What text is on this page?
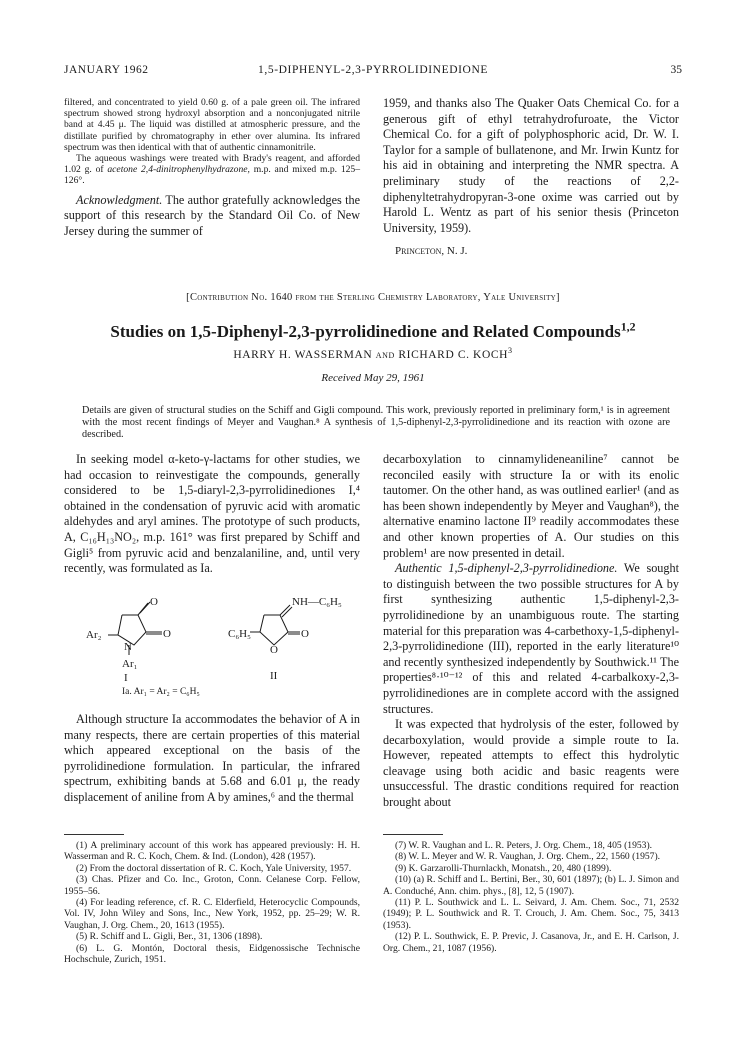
JANUARY 1962	1,5-DIPHENYL-2,3-PYRROLIDINEDIONE	35

filtered, and concentrated to yield 0.60 g. of a pale green oil. The infrared spectrum showed strong hydroxyl absorption and a nonconjugated nitrile band at 4.45 μ. The liquid was distilled at atmospheric pressure, and the distillate purified by chromatography in ether over alumina. Its infrared spectrum was then identical with that of authentic cinnamonitrile.

The aqueous washings were treated with Brady's reagent, and afforded 1.02 g. of acetone 2,4-dinitrophenylhydrazone, m.p. and mixed m.p. 125–126°.

Acknowledgment. The author gratefully acknowledges the support of this research by the Standard Oil Co. of New Jersey during the summer of

1959, and thanks also The Quaker Oats Chemical Co. for a generous gift of ethyl tetrahydrofuroate, the Victor Chemical Co. for a gift of polyphosphoric acid, Dr. W. I. Taylor for a sample of bullatenone, and Mr. Irwin Kuntz for his aid in obtaining and interpreting the NMR spectra. A preliminary study of the reactions of 2,2-diphenyltetrahydropyran-3-one oxime was carried out by Harold L. Wentz as part of his senior thesis (Princeton University, 1959).

Princeton, N. J.

[Contribution No. 1640 from the Sterling Chemistry Laboratory, Yale University]
Studies on 1,5-Diphenyl-2,3-pyrrolidinedione and Related Compounds$^{1,2}$
HARRY H. WASSERMAN and RICHARD C. KOCH$^3$
Received May 29, 1961
Details are given of structural studies on the Schiff and Gigli compound. This work, previously reported in preliminary form,¹ is in agreement with the most recent findings of Meyer and Vaughan.⁸ A synthesis of 1,5-diphenyl-2,3-pyrrolidinedione and its reaction with ozone are described.

In seeking model α-keto-γ-lactams for other studies, we had occasion to reinvestigate the compounds, generally considered to be 1,5-diaryl-2,3-pyrrolidinediones I,⁴ obtained in the condensation of pyruvic acid with aromatic aldehydes and aryl amines. The prototype of such products, A, C₁₆H₁₃NO₂, m.p. 161° was first prepared by Schiff and Gigli⁵ from pyruvic acid and benzalaniline, and, until very recently, was formulated as Ia.

O
O
Ar₂
N
Ar₁
I
Ia. Ar₁ = Ar₂ = C₆H₅
NH—C₆H₅
C₆H₅
O
O
II

Although structure Ia accommodates the behavior of A in many respects, there are certain properties of this material which appeared exceptional on the basis of the pyrrolidinedione formulation. In particular, the infrared spectrum, exhibiting bands at 5.68 and 6.01 μ, the ready displacement of aniline from A by amines,⁶ and the thermal

(1) A preliminary account of this work has appeared previously: H. H. Wasserman and R. C. Koch, Chem. & Ind. (London), 428 (1957).

(2) From the doctoral dissertation of R. C. Koch, Yale University, 1957.

(3) Chas. Pfizer and Co. Inc., Groton, Conn. Celanese Corp. Fellow, 1955–56.

(4) For leading reference, cf. R. C. Elderfield, Heterocyclic Compounds, Vol. IV, John Wiley and Sons, Inc., New York, 1952, pp. 25–29; W. R. Vaughan, J. Org. Chem., 20, 1613 (1955).

(5) R. Schiff and L. Gigli, Ber., 31, 1306 (1898).

(6) L. G. Montón, Doctoral thesis, Eidgenossische Technische Hochschule, Zurich, 1951.

decarboxylation to cinnamylideneaniline⁷ cannot be reconciled easily with structure Ia or with its enolic tautomer. On the other hand, as was outlined earlier¹ (and as has been shown independently by Meyer and Vaughan⁸), the alternative enamino lactone II⁹ readily accommodates these and other known properties of A. Our studies on this problem¹ are now presented in detail.

Authentic 1,5-diphenyl-2,3-pyrrolidinedione. We sought to distinguish between the two possible structures for A by first synthesizing authentic 1,5-diphenyl-2,3-pyrrolidinedione by an unambiguous route. The starting material for this preparation was 4-carbethoxy-1,5-diphenyl-2,3-pyrrolidinedione (III), reported in the early literature¹⁰ and recently synthesized independently by Southwick.¹¹ The properties⁸·¹⁰⁻¹² of this and related 4-carbalkoxy-2,3-pyrrolidinediones are in complete accord with the assigned structures.

It was expected that hydrolysis of the ester, followed by decarboxylation, would provide a simple route to Ia. However, repeated attempts to effect this hydrolytic cleavage using both acidic and basic reagents were unsuccessful. The drastic conditions required for reaction brought about

(7) W. R. Vaughan and L. R. Peters, J. Org. Chem., 18, 405 (1953).

(8) W. L. Meyer and W. R. Vaughan, J. Org. Chem., 22, 1560 (1957).

(9) K. Garzarolli-Thurnlackh, Monatsh., 20, 480 (1899).

(10) (a) R. Schiff and L. Bertini, Ber., 30, 601 (1897); (b) L. J. Simon and A. Conduché, Ann. chim. phys., [8], 12, 5 (1907).

(11) P. L. Southwick and L. L. Seivard, J. Am. Chem. Soc., 71, 2532 (1949); P. L. Southwick and R. T. Crouch, J. Am. Chem. Soc., 75, 3413 (1953).

(12) P. L. Southwick, E. P. Previc, J. Casanova, Jr., and E. H. Carlson, J. Org. Chem., 21, 1087 (1956).
